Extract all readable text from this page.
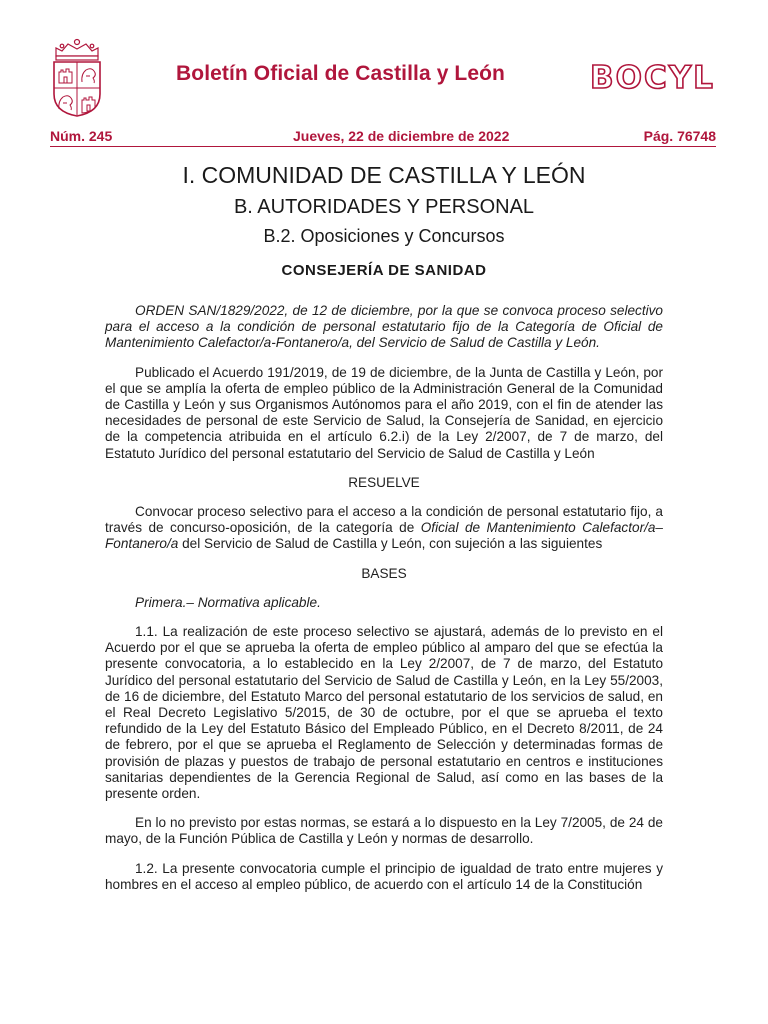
Boletín Oficial de Castilla y León	BOCYL
Núm. 245	Jueves, 22 de diciembre de 2022	Pág. 76748
I. COMUNIDAD DE CASTILLA Y LEÓN
B. AUTORIDADES Y PERSONAL
B.2. Oposiciones y Concursos
CONSEJERÍA DE SANIDAD

ORDEN SAN/1829/2022, de 12 de diciembre, por la que se convoca proceso selectivo para el acceso a la condición de personal estatutario fijo de la Categoría de Oficial de Mantenimiento Calefactor/a-Fontanero/a, del Servicio de Salud de Castilla y León.

Publicado el Acuerdo 191/2019, de 19 de diciembre, de la Junta de Castilla y León, por el que se amplía la oferta de empleo público de la Administración General de la Comunidad de Castilla y León y sus Organismos Autónomos para el año 2019, con el fin de atender las necesidades de personal de este Servicio de Salud, la Consejería de Sanidad, en ejercicio de la competencia atribuida en el artículo 6.2.i) de la Ley 2/2007, de 7 de marzo, del Estatuto Jurídico del personal estatutario del Servicio de Salud de Castilla y León

RESUELVE

Convocar proceso selectivo para el acceso a la condición de personal estatutario fijo, a través de concurso-oposición, de la categoría de Oficial de Mantenimiento Calefactor/a–Fontanero/a del Servicio de Salud de Castilla y León, con sujeción a las siguientes

BASES

Primera.– Normativa aplicable.

1.1. La realización de este proceso selectivo se ajustará, además de lo previsto en el Acuerdo por el que se aprueba la oferta de empleo público al amparo del que se efectúa la presente convocatoria, a lo establecido en la Ley 2/2007, de 7 de marzo, del Estatuto Jurídico del personal estatutario del Servicio de Salud de Castilla y León, en la Ley 55/2003, de 16 de diciembre, del Estatuto Marco del personal estatutario de los servicios de salud, en el Real Decreto Legislativo 5/2015, de 30 de octubre, por el que se aprueba el texto refundido de la Ley del Estatuto Básico del Empleado Público, en el Decreto 8/2011, de 24 de febrero, por el que se aprueba el Reglamento de Selección y determinadas formas de provisión de plazas y puestos de trabajo de personal estatutario en centros e instituciones sanitarias dependientes de la Gerencia Regional de Salud, así como en las bases de la presente orden.

En lo no previsto por estas normas, se estará a lo dispuesto en la Ley 7/2005, de 24 de mayo, de la Función Pública de Castilla y León y normas de desarrollo.

1.2. La presente convocatoria cumple el principio de igualdad de trato entre mujeres y hombres en el acceso al empleo público, de acuerdo con el artículo 14 de la Constitución
